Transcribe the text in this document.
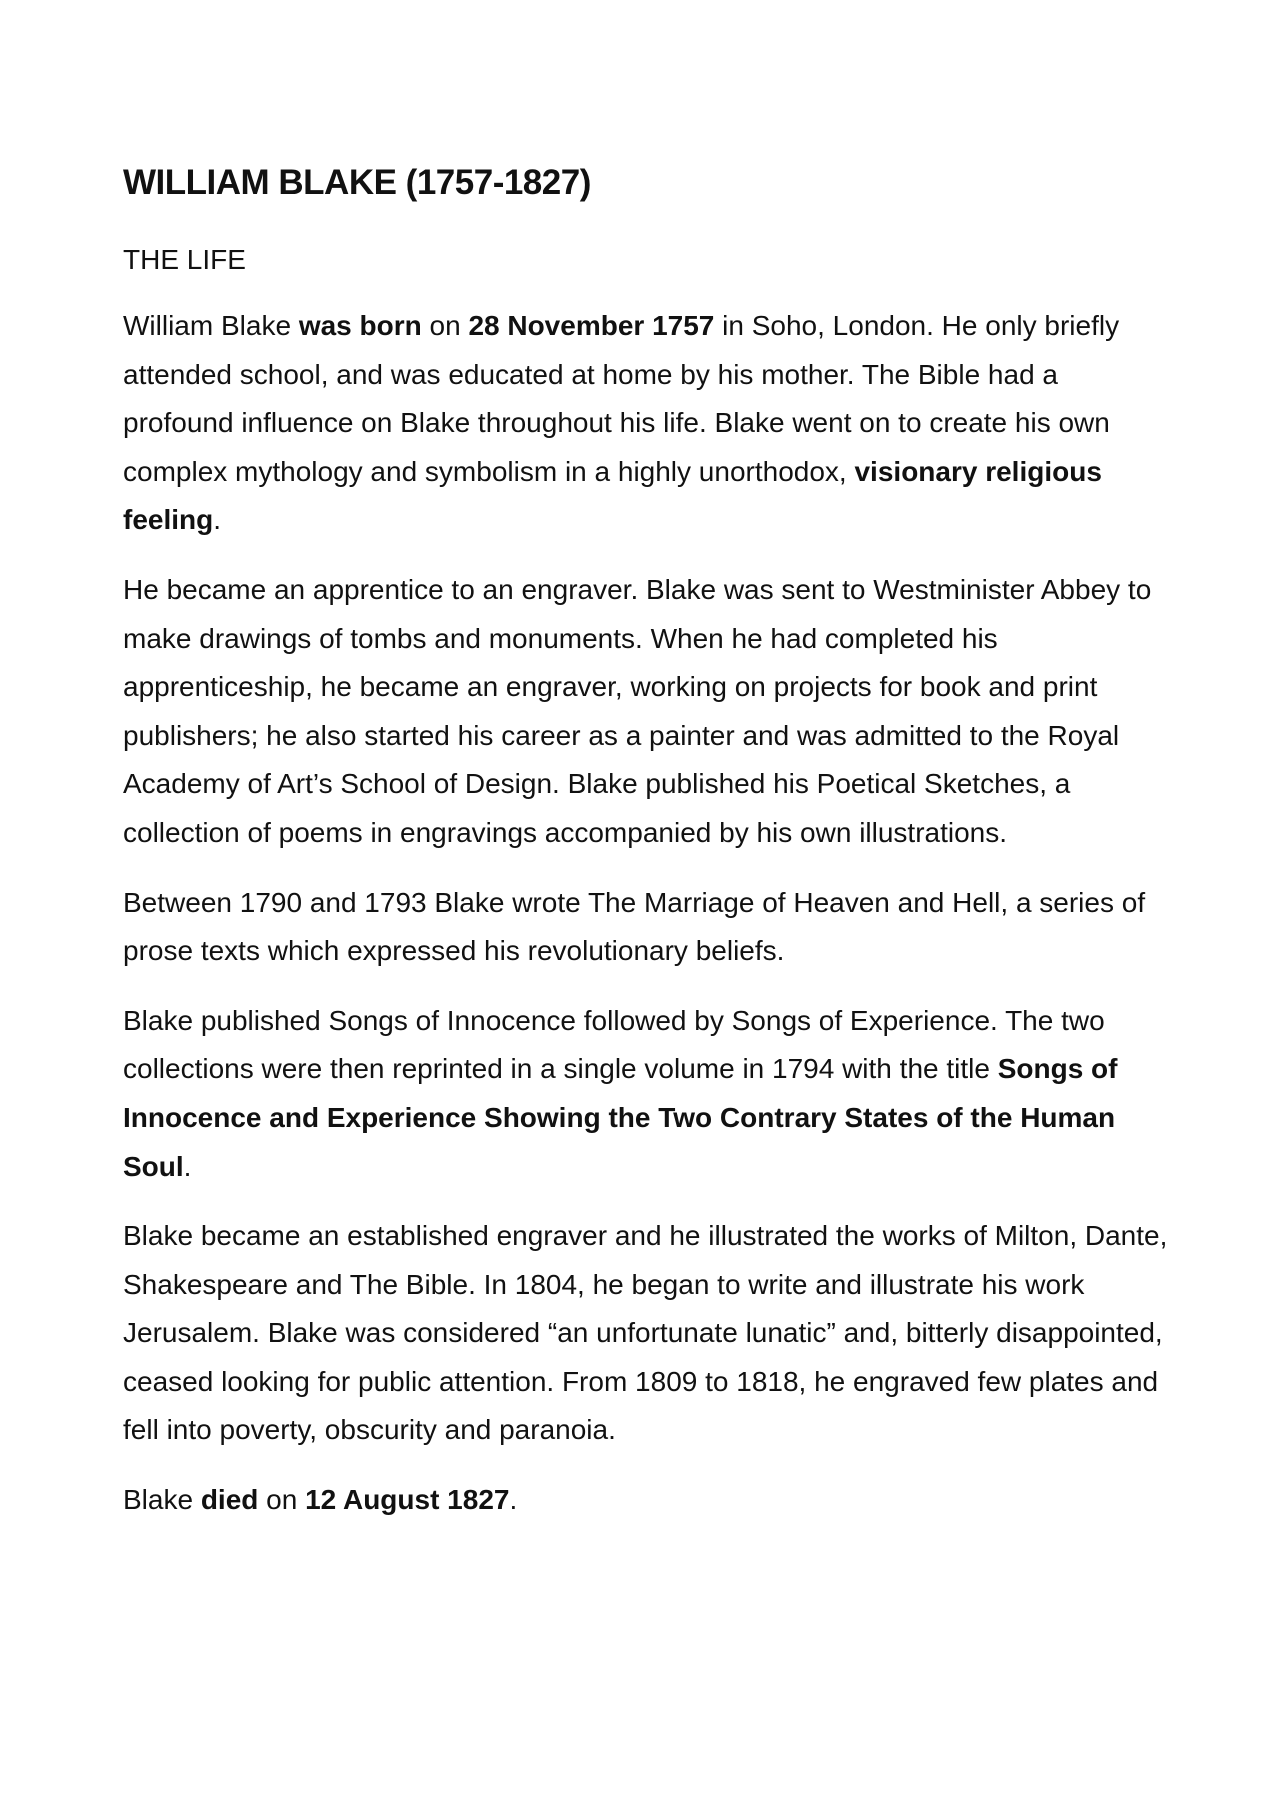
WILLIAM BLAKE (1757-1827)
THE LIFE

William Blake was born on 28 November 1757 in Soho, London. He only briefly attended school, and was educated at home by his mother. The Bible had a profound influence on Blake throughout his life. Blake went on to create his own complex mythology and symbolism in a highly unorthodox, visionary religious feeling.

He became an apprentice to an engraver. Blake was sent to Westminister Abbey to make drawings of tombs and monuments. When he had completed his apprenticeship, he became an engraver, working on projects for book and print publishers; he also started his career as a painter and was admitted to the Royal Academy of Art’s School of Design. Blake published his Poetical Sketches, a collection of poems in engravings accompanied by his own illustrations.

Between 1790 and 1793 Blake wrote The Marriage of Heaven and Hell, a series of prose texts which expressed his revolutionary beliefs.

Blake published Songs of Innocence followed by Songs of Experience. The two collections were then reprinted in a single volume in 1794 with the title Songs of Innocence and Experience Showing the Two Contrary States of the Human Soul.

Blake became an established engraver and he illustrated the works of Milton, Dante, Shakespeare and The Bible. In 1804, he began to write and illustrate his work Jerusalem. Blake was considered “an unfortunate lunatic” and, bitterly disappointed, ceased looking for public attention. From 1809 to 1818, he engraved few plates and fell into poverty, obscurity and paranoia.

Blake died on 12 August 1827.
